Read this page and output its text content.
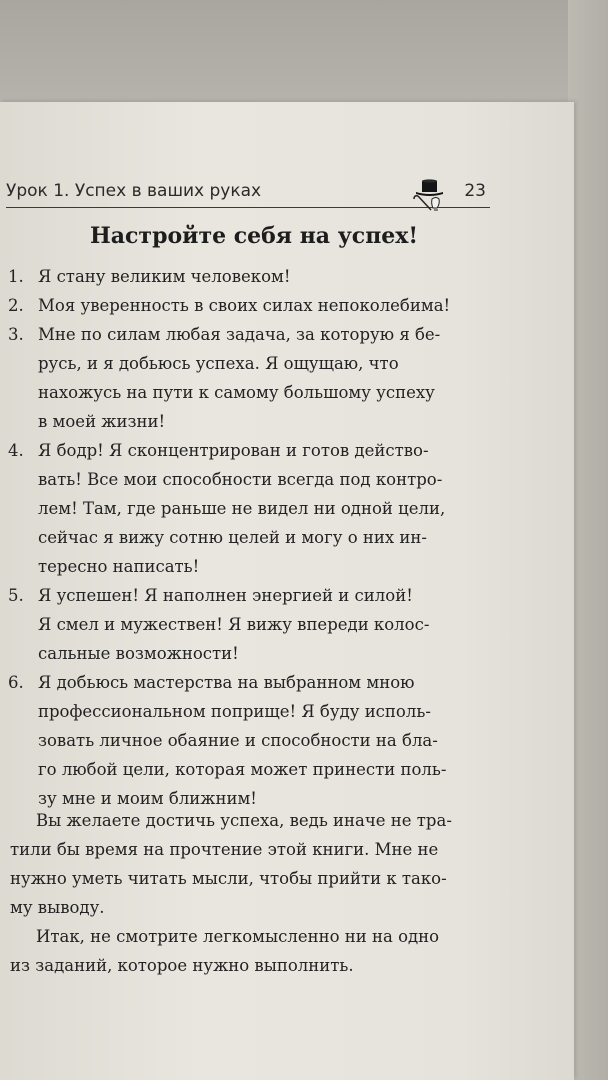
Урок 1. Успех в ваших руках	23
Настройте себя на успех!
1. Я стану великим человеком!
2. Моя уверенность в своих силах непоколебима!
3. Мне по силам любая задача, за которую я бе-
русь, и я добьюсь успеха. Я ощущаю, что
нахожусь на пути к самому большому успеху
в моей жизни!
4. Я бодр! Я сконцентрирован и готов действо-
вать! Все мои способности всегда под контро-
лем! Там, где раньше не видел ни одной цели,
сейчас я вижу сотню целей и могу о них ин-
тересно написать!
5. Я успешен! Я наполнен энергией и силой!
Я смел и мужествен! Я вижу впереди колос-
сальные возможности!
6. Я добьюсь мастерства на выбранном мною
профессиональном поприще! Я буду исполь-
зовать личное обаяние и способности на бла-
го любой цели, которая может принести поль-
зу мне и моим ближним!

Вы желаете достичь успеха, ведь иначе не тра-
тили бы время на прочтение этой книги. Мне не
нужно уметь читать мысли, чтобы прийти к тако-
му выводу.

Итак, не смотрите легкомысленно ни на одно
из заданий, которое нужно выполнить.
